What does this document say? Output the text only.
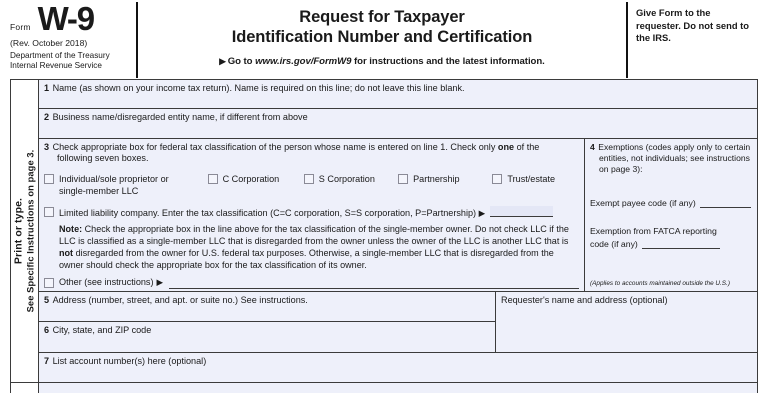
Form W-9
(Rev. October 2018)
Department of the Treasury
Internal Revenue Service
Request for Taxpayer
Identification Number and Certification
▶ Go to www.irs.gov/FormW9 for instructions and the latest information.
Give Form to the requester. Do not send to the IRS.
Print or type. See Specific Instructions on page 3.
1 Name (as shown on your income tax return). Name is required on this line; do not leave this line blank.
2 Business name/disregarded entity name, if different from above
3 Check appropriate box for federal tax classification of the person whose name is entered on line 1. Check only one of the
following seven boxes.
Individual/sole proprietor or
single-member LLC
C Corporation	S Corporation	Partnership	Trust/estate
Limited liability company. Enter the tax classification (C=C corporation, S=S corporation, P=Partnership) ▶
Note: Check the appropriate box in the line above for the tax classification of the single-member owner. Do not check LLC if the LLC is classified as a single-member LLC that is disregarded from the owner unless the owner of the LLC is another LLC that is not disregarded from the owner for U.S. federal tax purposes. Otherwise, a single-member LLC that is disregarded from the owner should check the appropriate box for the tax classification of its owner.
Other (see instructions) ▶
4 Exemptions (codes apply only to certain entities, not individuals; see instructions on page 3):
Exempt payee code (if any)
Exemption from FATCA reporting
code (if any)
(Applies to accounts maintained outside the U.S.)
5 Address (number, street, and apt. or suite no.) See instructions.
6 City, state, and ZIP code
Requester's name and address (optional)
7 List account number(s) here (optional)
